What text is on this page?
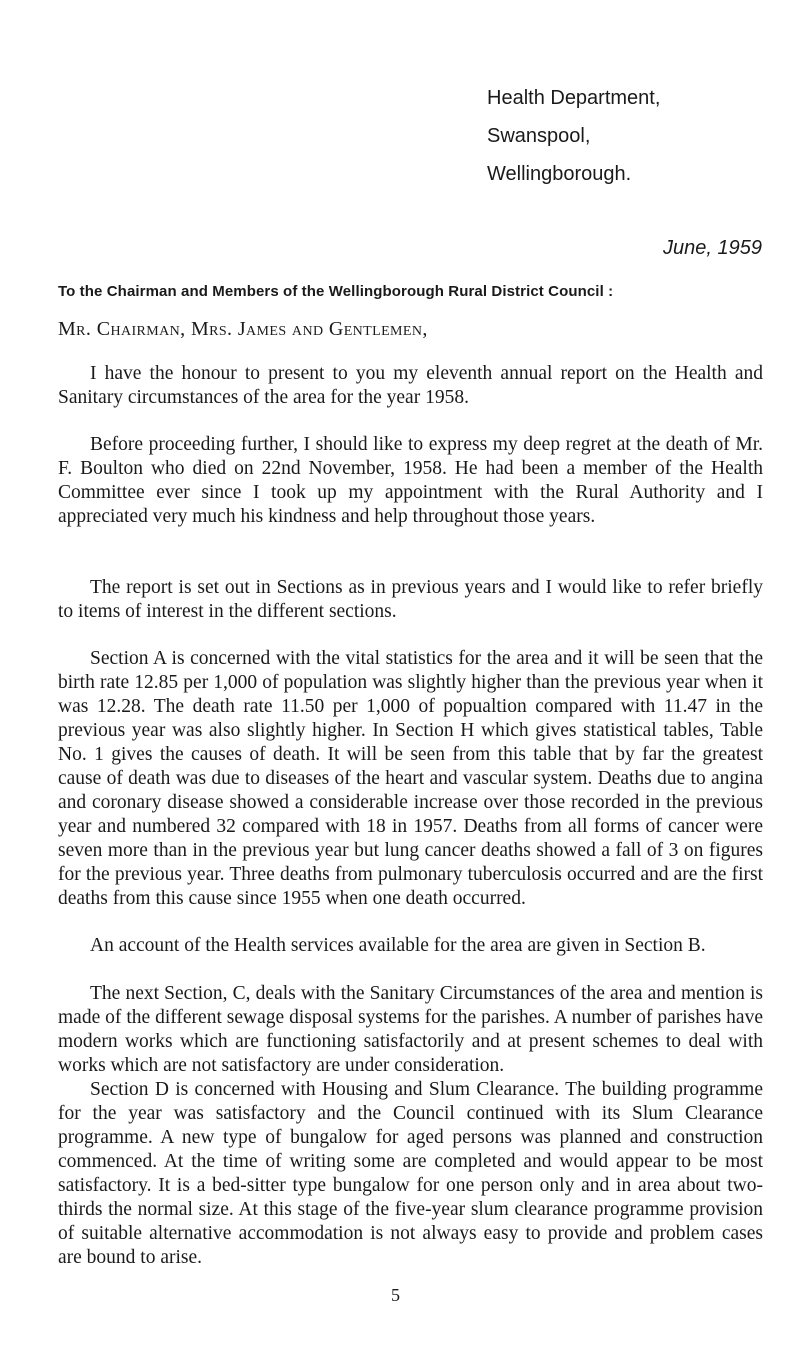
Health Department,
Swanspool,
Wellingborough.
June, 1959
To the Chairman and Members of the Wellingborough Rural District Council :
Mr. Chairman, Mrs. James and Gentlemen,

I have the honour to present to you my eleventh annual report on the Health and Sanitary circumstances of the area for the year 1958.

Before proceeding further, I should like to express my deep regret at the death of Mr. F. Boulton who died on 22nd November, 1958. He had been a member of the Health Committee ever since I took up my appointment with the Rural Authority and I appreciated very much his kindness and help throughout those years.

The report is set out in Sections as in previous years and I would like to refer briefly to items of interest in the different sections.

Section A is concerned with the vital statistics for the area and it will be seen that the birth rate 12.85 per 1,000 of population was slightly higher than the previous year when it was 12.28. The death rate 11.50 per 1,000 of popualtion compared with 11.47 in the previous year was also slightly higher. In Section H which gives statistical tables, Table No. 1 gives the causes of death. It will be seen from this table that by far the greatest cause of death was due to diseases of the heart and vascular system. Deaths due to angina and coronary disease showed a considerable increase over those recorded in the previous year and numbered 32 compared with 18 in 1957. Deaths from all forms of cancer were seven more than in the previous year but lung cancer deaths showed a fall of 3 on figures for the previous year. Three deaths from pulmonary tuberculosis occurred and are the first deaths from this cause since 1955 when one death occurred.

An account of the Health services available for the area are given in Section B.

The next Section, C, deals with the Sanitary Circumstances of the area and mention is made of the different sewage disposal systems for the parishes. A number of parishes have modern works which are functioning satisfactorily and at present schemes to deal with works which are not satisfactory are under consideration.

Section D is concerned with Housing and Slum Clearance. The building programme for the year was satisfactory and the Council continued with its Slum Clearance programme. A new type of bungalow for aged persons was planned and construction commenced. At the time of writing some are completed and would appear to be most satisfactory. It is a bed-sitter type bungalow for one person only and in area about two-thirds the normal size. At this stage of the five-year slum clearance programme provision of suitable alternative accommodation is not always easy to provide and problem cases are bound to arise.

5
